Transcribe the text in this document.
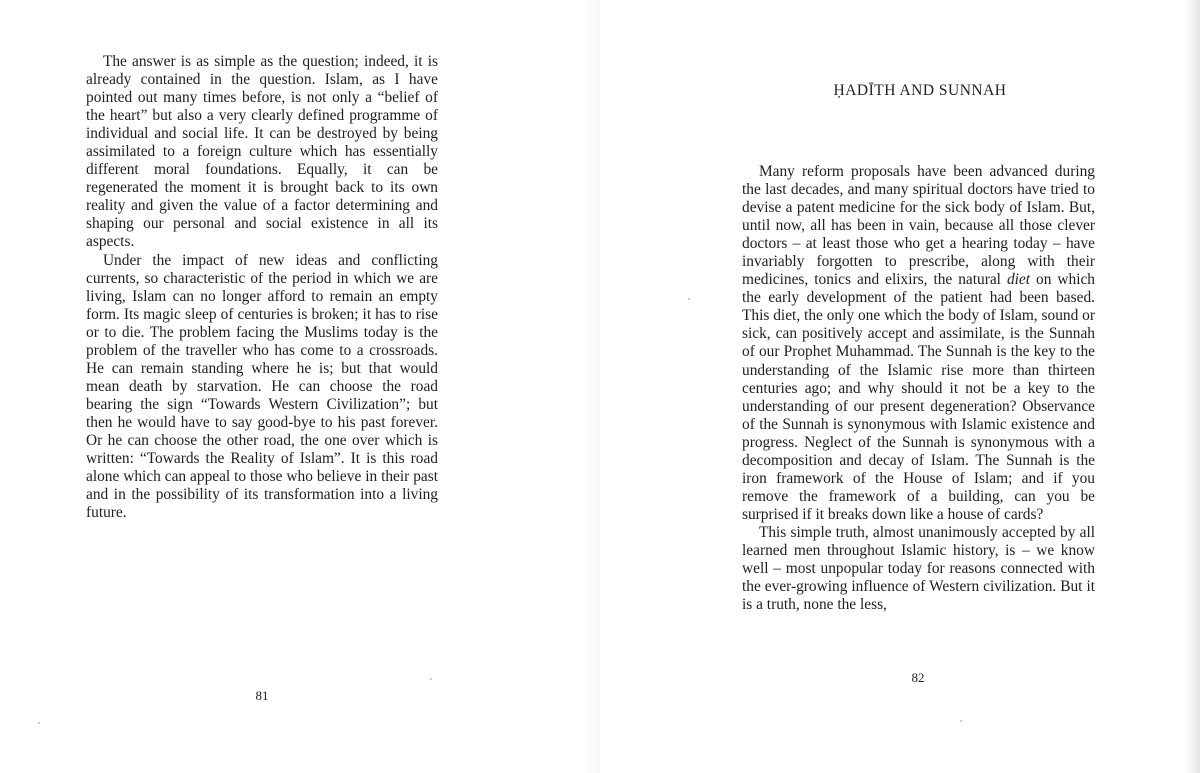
The answer is as simple as the question; indeed, it is already contained in the question. Islam, as I have pointed out many times before, is not only a “belief of the heart” but also a very clearly defined programme of individual and social life. It can be destroyed by being assimilated to a foreign culture which has essentially different moral foundations. Equally, it can be regenerated the moment it is brought back to its own reality and given the value of a factor determining and shaping our personal and social existence in all its aspects.

Under the impact of new ideas and conflicting currents, so characteristic of the period in which we are living, Islam can no longer afford to remain an empty form. Its magic sleep of centuries is broken; it has to rise or to die. The problem facing the Muslims today is the problem of the traveller who has come to a crossroads. He can remain standing where he is; but that would mean death by starvation. He can choose the road bearing the sign “Towards Western Civilization”; but then he would have to say good-bye to his past forever. Or he can choose the other road, the one over which is written: “Towards the Reality of Islam”. It is this road alone which can appeal to those who believe in their past and in the possibility of its transformation into a living future.

81
ḤADĪTH AND SUNNAH

Many reform proposals have been advanced during the last decades, and many spiritual doctors have tried to devise a patent medicine for the sick body of Islam. But, until now, all has been in vain, because all those clever doctors – at least those who get a hearing today – have invariably forgotten to prescribe, along with their medicines, tonics and elixirs, the natural diet on which the early development of the patient had been based. This diet, the only one which the body of Islam, sound or sick, can positively accept and assimilate, is the Sunnah of our Prophet Muhammad. The Sunnah is the key to the understanding of the Islamic rise more than thirteen centuries ago; and why should it not be a key to the understanding of our present degeneration? Observance of the Sunnah is synonymous with Islamic existence and progress. Neglect of the Sunnah is synonymous with a decomposition and decay of Islam. The Sunnah is the iron framework of the House of Islam; and if you remove the framework of a building, can you be surprised if it breaks down like a house of cards?

This simple truth, almost unanimously accepted by all learned men throughout Islamic history, is – we know well – most unpopular today for reasons connected with the ever-growing influence of Western civilization. But it is a truth, none the less,

82
